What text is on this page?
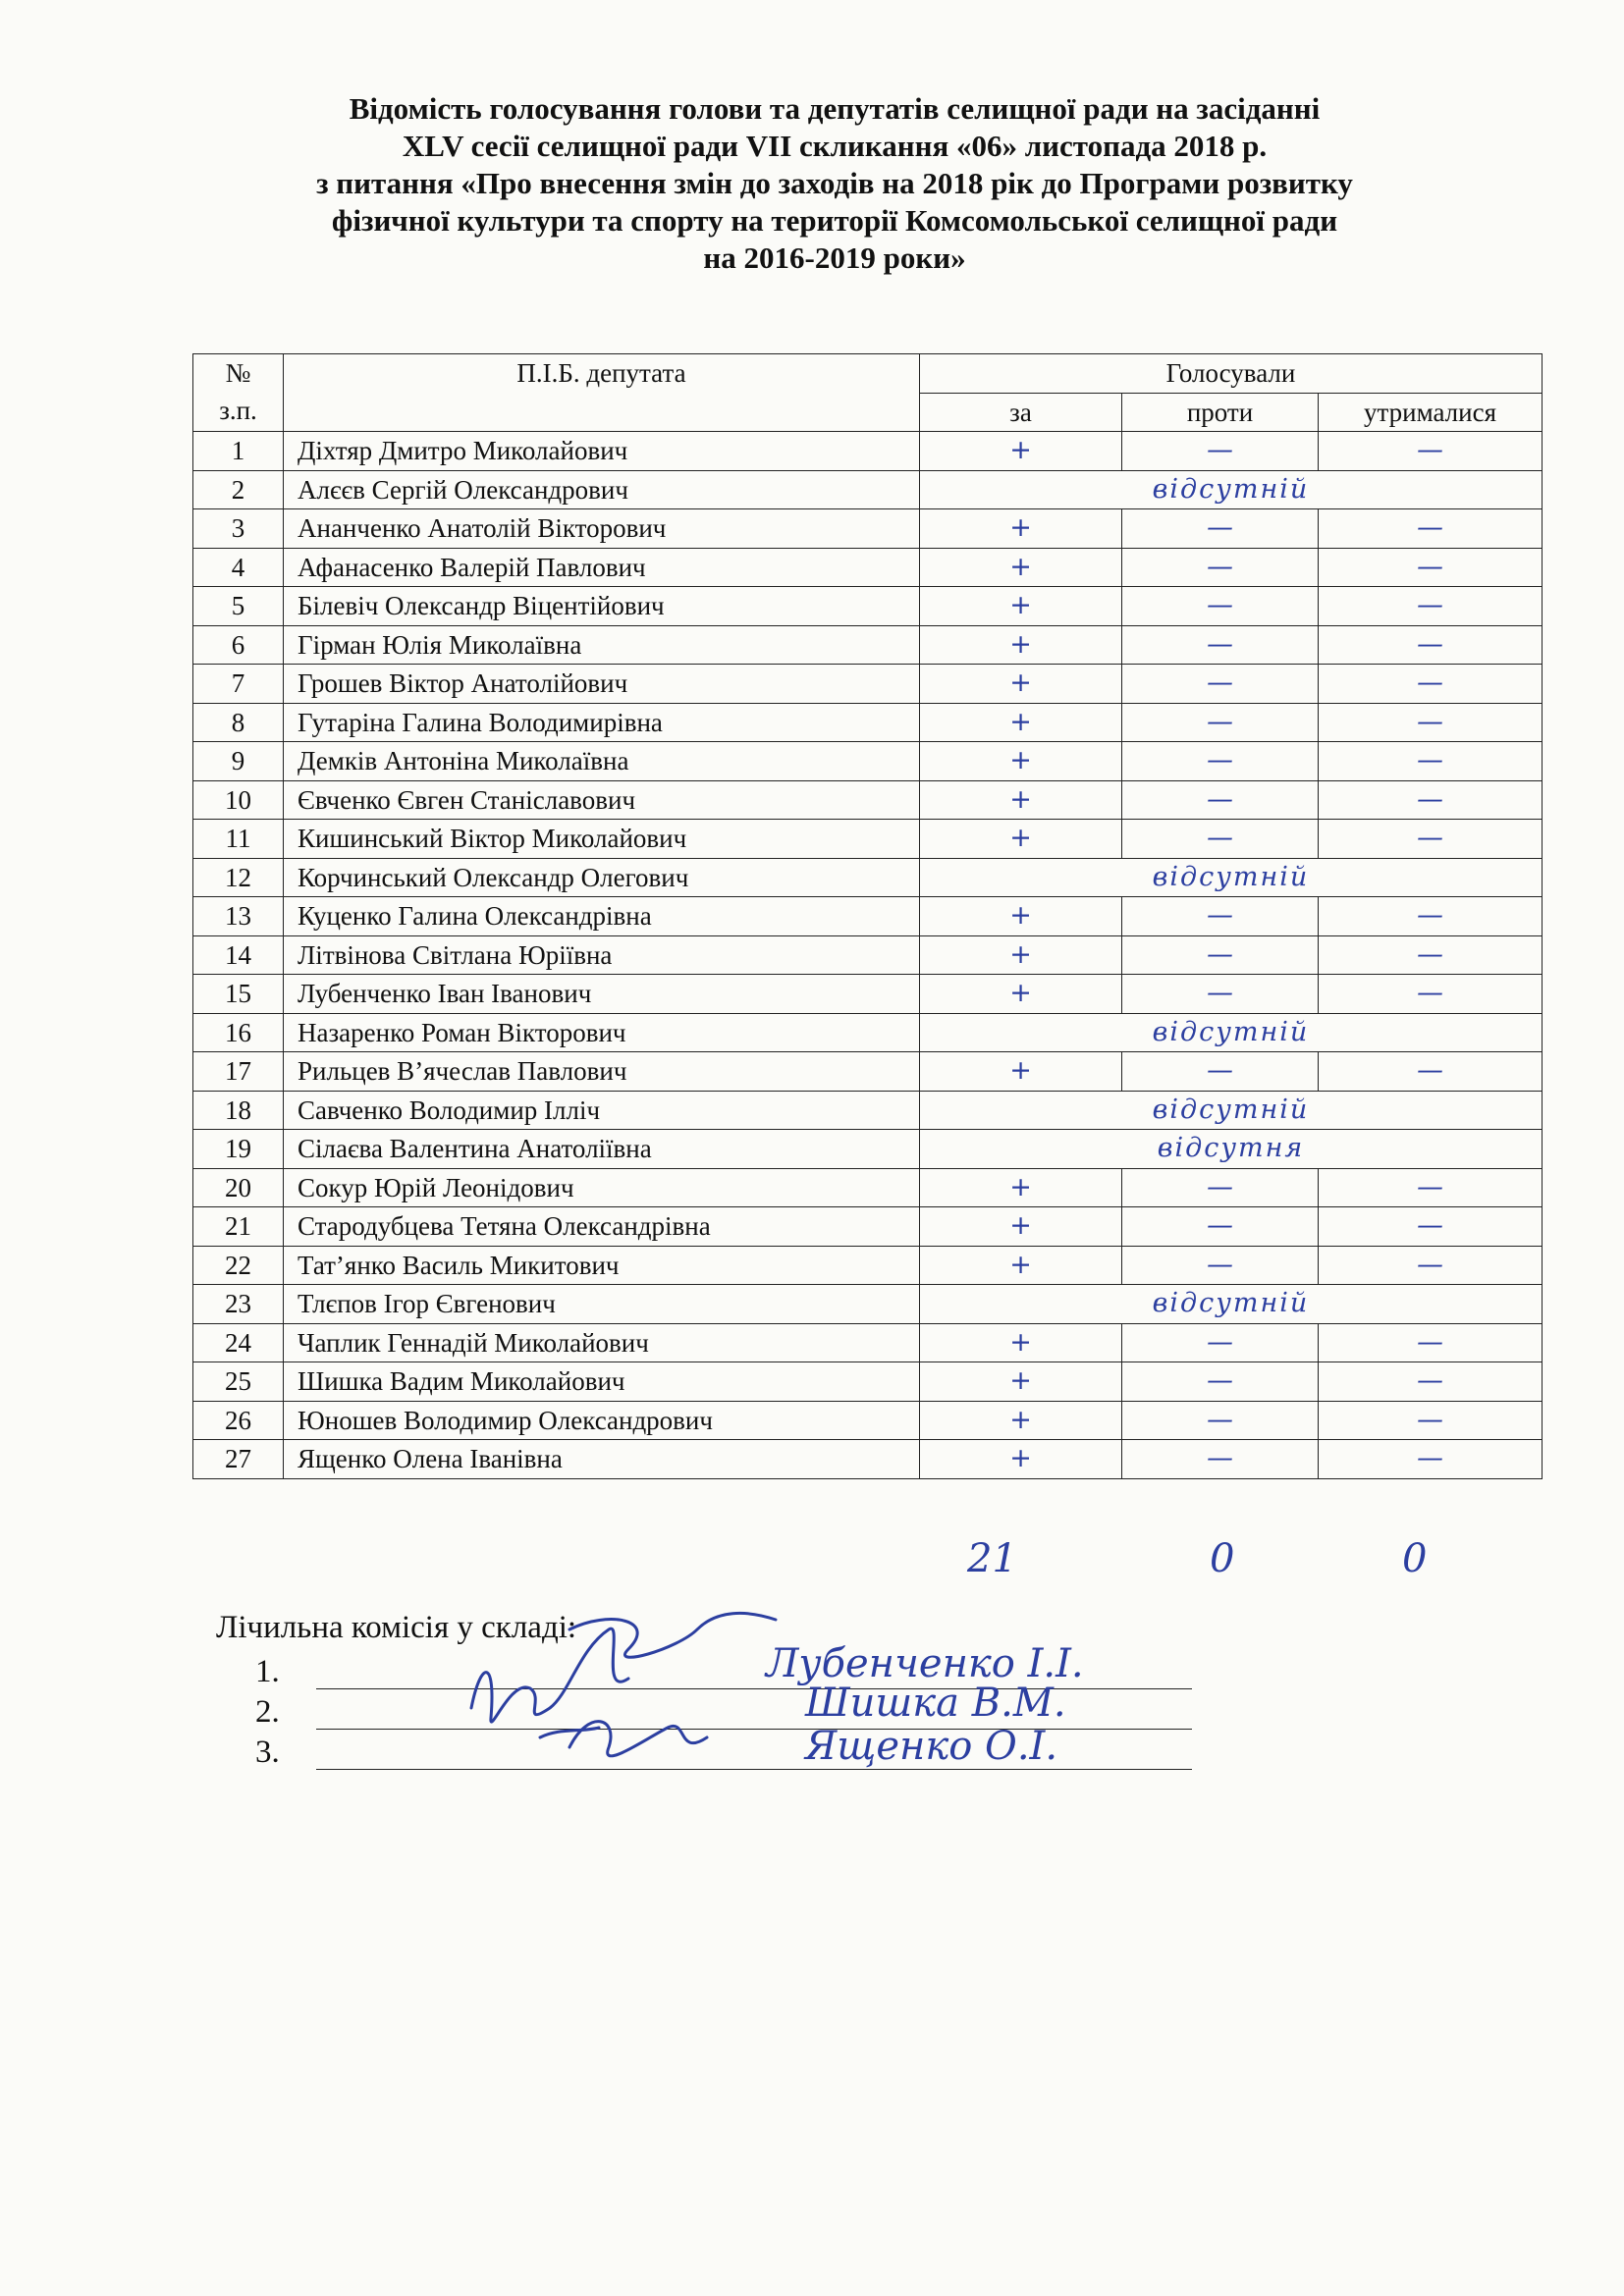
Відомість голосування голови та депутатів селищної ради на засіданні
XLV сесії селищної ради VII скликання «06» листопада 2018 р.
з питання «Про внесення змін до заходів на 2018 рік до Програми розвитку
фізичної культури та спорту на території Комсомольської селищної ради
на 2016-2019 роки»
№ з.п.	П.І.Б. депутата	Голосували		
		за	проти	утрималися
1	Діхтяр Дмитро Миколайович	+	—	—
2	Алєєв Сергій Олександрович	відсутній		
3	Ананченко Анатолій Вікторович	+	—	—
4	Афанасенко Валерій Павлович	+	—	—
5	Білевіч Олександр Віцентійович	+	—	—
6	Гірман Юлія Миколаївна	+	—	—
7	Грошев Віктор Анатолійович	+	—	—
8	Гутаріна Галина Володимирівна	+	—	—
9	Демків Антоніна Миколаївна	+	—	—
10	Євченко Євген Станіславович	+	—	—
11	Кишинський Віктор Миколайович	+	—	—
12	Корчинський Олександр Олегович	відсутній		
13	Куценко Галина Олександрівна	+	—	—
14	Літвінова Світлана Юріївна	+	—	—
15	Лубенченко Іван Іванович	+	—	—
16	Назаренко Роман Вікторович	відсутній		
17	Рильцев В’ячеслав Павлович	+	—	—
18	Савченко Володимир Ілліч	відсутній		
19	Сілаєва Валентина Анатоліївна	відсутня		
20	Сокур Юрій Леонідович	+	—	—
21	Стародубцева Тетяна Олександрівна	+	—	—
22	Тат’янко Василь Микитович	+	—	—
23	Тлєпов Ігор Євгенович	відсутній		
24	Чаплик Геннадій Миколайович	+	—	—
25	Шишка Вадим Миколайович	+	—	—
26	Юношев Володимир Олександрович	+	—	—
27	Ященко Олена Іванівна	+	—	—
21	0	0
Лічильна комісія у складі:
1.	Лубенченко І.І.
2.	Шишка В.М.
3.	Ященко О.І.
